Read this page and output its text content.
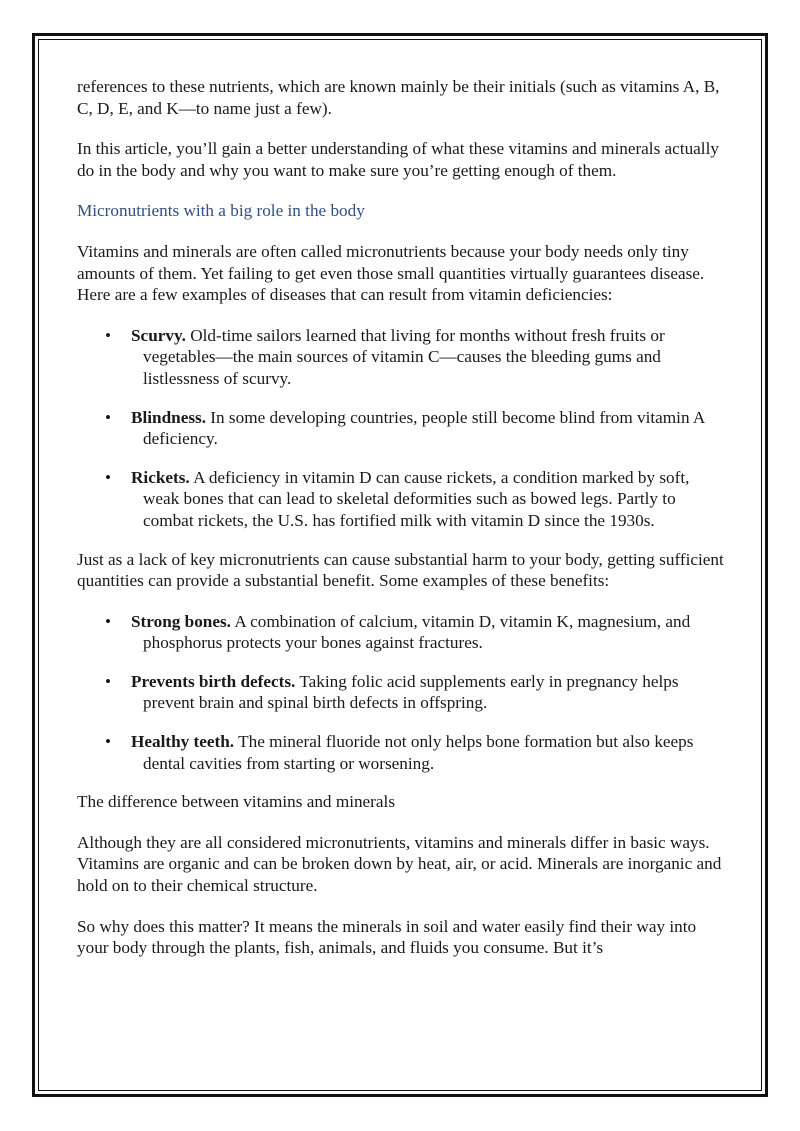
references to these nutrients, which are known mainly be their initials (such as vitamins A, B, C, D, E, and K—to name just a few).

In this article, you’ll gain a better understanding of what these vitamins and minerals actually do in the body and why you want to make sure you’re getting enough of them.

Micronutrients with a big role in the body

Vitamins and minerals are often called micronutrients because your body needs only tiny amounts of them. Yet failing to get even those small quantities virtually guarantees disease. Here are a few examples of diseases that can result from vitamin deficiencies:

• Scurvy. Old-time sailors learned that living for months without fresh fruits or vegetables—the main sources of vitamin C—causes the bleeding gums and listlessness of scurvy.
• Blindness. In some developing countries, people still become blind from vitamin A deficiency.
• Rickets. A deficiency in vitamin D can cause rickets, a condition marked by soft, weak bones that can lead to skeletal deformities such as bowed legs. Partly to combat rickets, the U.S. has fortified milk with vitamin D since the 1930s.

Just as a lack of key micronutrients can cause substantial harm to your body, getting sufficient quantities can provide a substantial benefit. Some examples of these benefits:

• Strong bones. A combination of calcium, vitamin D, vitamin K, magnesium, and phosphorus protects your bones against fractures.
• Prevents birth defects. Taking folic acid supplements early in pregnancy helps prevent brain and spinal birth defects in offspring.
• Healthy teeth. The mineral fluoride not only helps bone formation but also keeps dental cavities from starting or worsening.

The difference between vitamins and minerals

Although they are all considered micronutrients, vitamins and minerals differ in basic ways. Vitamins are organic and can be broken down by heat, air, or acid. Minerals are inorganic and hold on to their chemical structure.

So why does this matter? It means the minerals in soil and water easily find their way into your body through the plants, fish, animals, and fluids you consume. But it’s
